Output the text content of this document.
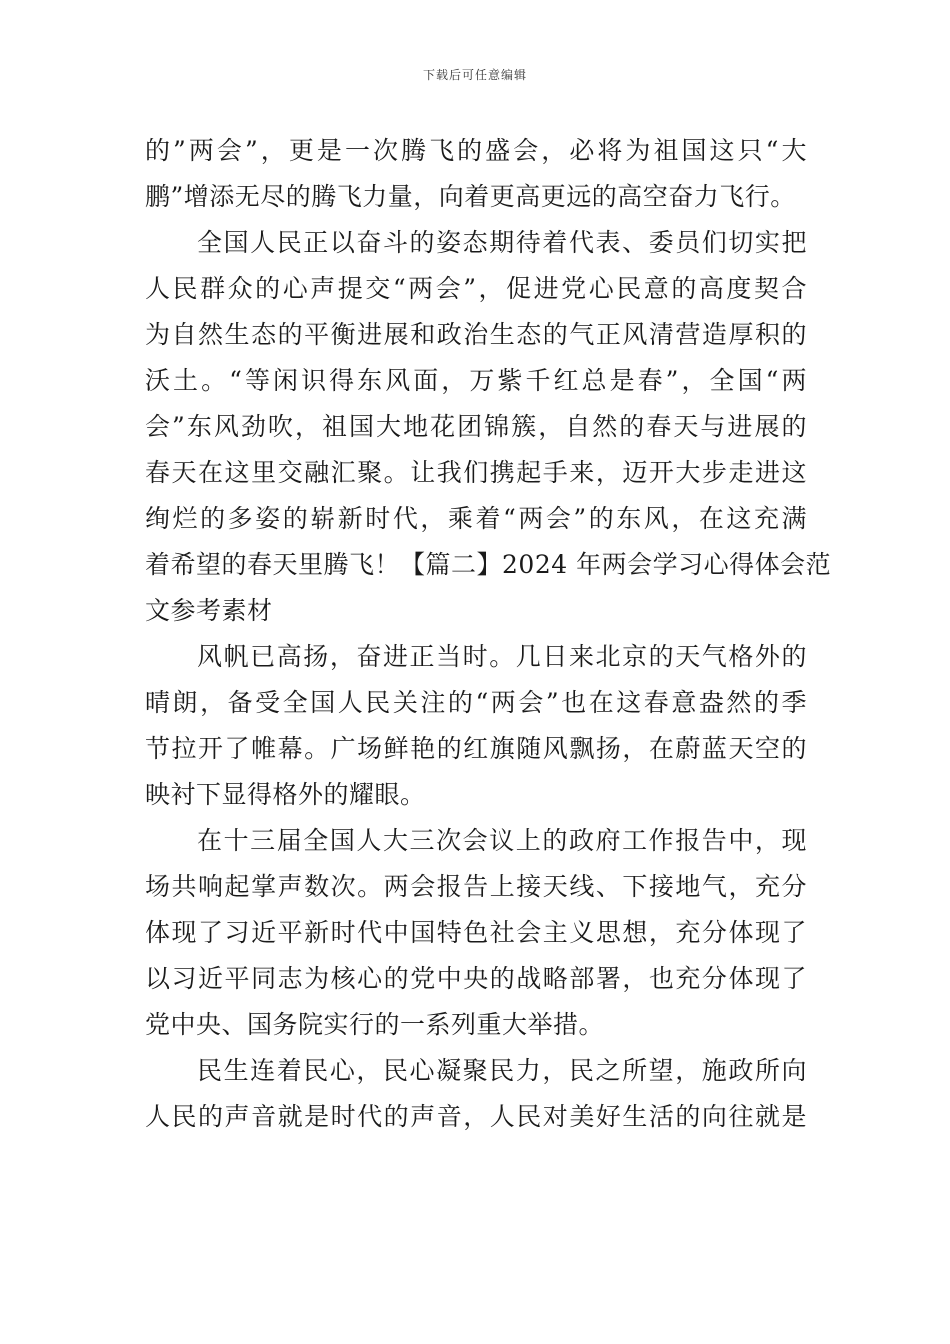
下载后可任意编辑
的”两会”，更是一次腾飞的盛会，必将为祖国这只“大
鹏”增添无尽的腾飞力量，向着更高更远的高空奋力飞行。
全国人民正以奋斗的姿态期待着代表、委员们切实把
人民群众的心声提交“两会”，促进党心民意的高度契合
为自然生态的平衡进展和政治生态的气正风清营造厚积的
沃土。“等闲识得东风面，万紫千红总是春”，全国“两
会”东风劲吹，祖国大地花团锦簇，自然的春天与进展的
春天在这里交融汇聚。让我们携起手来，迈开大步走进这
绚烂的多姿的崭新时代，乘着“两会”的东风，在这充满
着希望的春天里腾飞！【篇二】2024 年两会学习心得体会范
文参考素材
风帆已高扬，奋进正当时。几日来北京的天气格外的
晴朗，备受全国人民关注的“两会”也在这春意盎然的季
节拉开了帷幕。广场鲜艳的红旗随风飘扬，在蔚蓝天空的
映衬下显得格外的耀眼。
在十三届全国人大三次会议上的政府工作报告中，现
场共响起掌声数次。两会报告上接天线、下接地气，充分
体现了习近平新时代中国特色社会主义思想，充分体现了
以习近平同志为核心的党中央的战略部署，也充分体现了
党中央、国务院实行的一系列重大举措。
民生连着民心，民心凝聚民力，民之所望，施政所向
人民的声音就是时代的声音，人民对美好生活的向往就是
